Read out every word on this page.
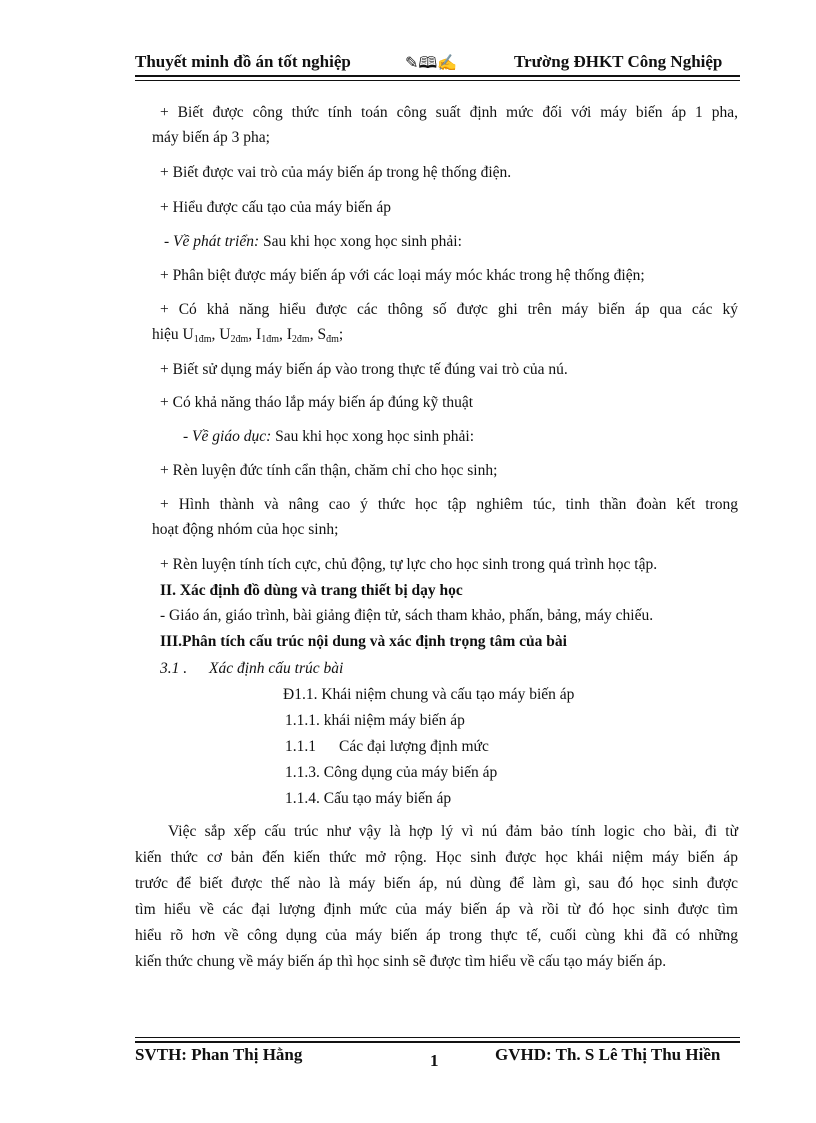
Thuyết minh đồ án tốt nghiệp	✎🕮✍	Trường ĐHKT Công Nghiệp
+ Biết được công thức tính toán công suất định mức đối với máy biến áp 1 pha,
máy biến áp 3 pha;
+ Biết được vai trò của máy biến áp trong hệ thống điện.
+ Hiểu được cấu tạo của máy biến áp
- Về phát triển: Sau khi học xong học sinh phải:
+ Phân biệt được máy biến áp với các loại máy móc khác trong hệ thống điện;
+ Có khả năng hiểu được các thông số được ghi trên máy biến áp qua các ký
hiệu $U_{1đm}$, $U_{2đm}$, $I_{1đm}$, $I_{2đm}$, $S_{đm}$;
+ Biết sử dụng máy biến áp vào trong thực tế đúng vai trò của nú.
+ Có khả năng tháo lắp máy biến áp đúng kỹ thuật
- Về giáo dục: Sau khi học xong học sinh phải:
+ Rèn luyện đức tính cẩn thận, chăm chỉ cho học sinh;
+ Hình thành và nâng cao ý thức học tập nghiêm túc, tinh thần đoàn kết trong
hoạt động nhóm của học sinh;
+ Rèn luyện tính tích cực, chủ động, tự lực cho học sinh trong quá trình học tập.
II. Xác định đồ dùng và trang thiết bị dạy học
- Giáo án, giáo trình, bài giảng điện tử, sách tham khảo, phấn, bảng, máy chiếu.
III.Phân tích cấu trúc nội dung và xác định trọng tâm của bài
3.1 . Xác định cấu trúc bài
Đ1.1. Khái niệm chung và cấu tạo máy biến áp
1.1.1. khái niệm máy biến áp
1.1.1 Các đại lượng định mức
1.1.3. Công dụng của máy biến áp
1.1.4. Cấu tạo máy biến áp
Việc sắp xếp cấu trúc như vậy là hợp lý vì nú đảm bảo tính logic cho bài, đi từ
kiến thức cơ bản đến kiến thức mở rộng. Học sinh được học khái niệm máy biến áp
trước để biết được thế nào là máy biến áp, nú dùng để làm gì, sau đó học sinh được
tìm hiểu về các đại lượng định mức của máy biến áp và rồi từ đó học sinh được tìm
hiểu rõ hơn về công dụng của máy biến áp trong thực tế, cuối cùng khi đã có những
kiến thức chung về máy biến áp thì học sinh sẽ được tìm hiểu về cấu tạo máy biến áp.
SVTH: Phan Thị Hằng	1	GVHD: Th. S Lê Thị Thu Hiền
